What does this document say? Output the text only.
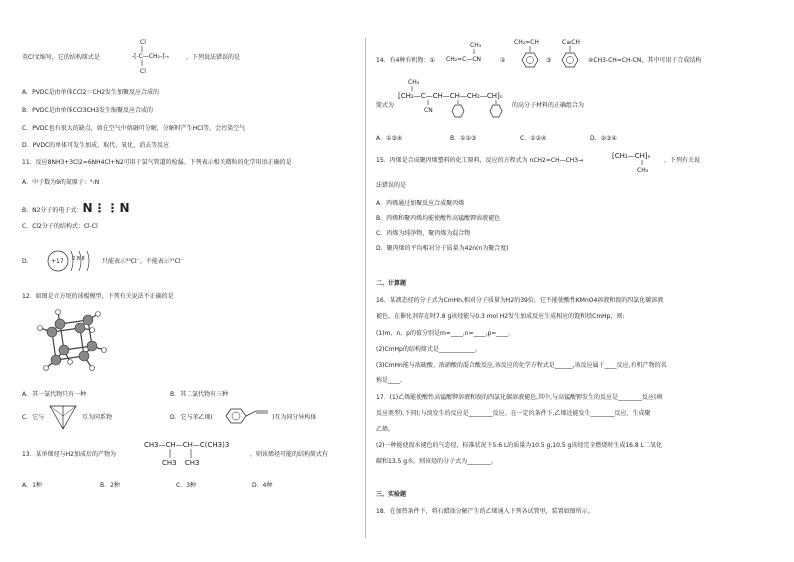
英Cl文缩写，它的结构简式是
Cl
-[-C—CH₂-]-ₙ
Cl
，下列说法错误的是
A．PVDC是由单体CCl2＝CH2发生加聚反应合成的
B．PVDC是由单体CCl3CH3发生缩聚反应合成的
C．PVDC也有很大的缺点，如在空气中熔融可分解，分解时产生HCl等，会污染空气
D．PVDC的单体可发生加成、取代、氧化、消去等反应
11．反应8NH3+3Cl2=6NH4Cl+N2可用于氯气管道的检漏。下列表示相关微粒的化学用语正确的是
A．中子数为9的氮原子：⁹₇N
B．N2分子的电子式：N⋮⋮N
C．Cl2分子的结构式：Cl-Cl
D．	+17 2 8 8	只能表示³⁵Cl⁻，不能表示³⁷Cl⁻
12．如图是立方烷的球棍模型，下列有关说法不正确的是
A．其一氯代物只有一种	B．其二氯代物有三种
C．它与	互为同系物	D．它与苯乙烯(	)互为同分异构体
13．某单烯烃与H2加成后的产物为
CH3—CH—CH—C(CH3)3
CH3 CH3
，则该烯烃可能的结构简式有
A．1种	B．2种	C．3种	D．4种
14．有4种有机物：①
CH₃
CH₂=C—CN	②
CH₂=CH
③
C≡CH
④CH3-CH=CH-CN，其中可用于合成结构
简式为
CH₃
[CH₂—C—CH—CH—CH₂—CH]ₙ
CN
的高分子材料的正确组合为
A．①③④	B．①②③	C．①②④	D．②③④
15．丙烯是合成聚丙烯塑料的化工原料，反应的方程式为 nCH2=CH—CH3→
[CH₂—CH]ₙ
CH₃
，下列有关说
法错误的是
A．丙烯通过加聚反应合成聚丙烯
B．丙烯和聚丙烯均能使酸性高锰酸钾溶液褪色
C．丙烯为纯净物，聚丙烯为混合物
D．聚丙烯的平均相对分子质量为42n(n为聚合度)
二、计算题
16．某液态烃的分子式为CmHn,相对分子质量为H2的39倍，它不能使酸性KMnO4溶液和溴的四氯化碳溶液
褪色，在催化剂存在时7.8 g该烃能与0.3 mol H2发生加成反应生成相应的饱和烃CmHp，则:
(1)m、n、p的值分别是m=____,n=____,p=____。
(2)CmHp的结构简式是____________。
(3)CmHn能与浓硫酸、浓硝酸的混合酸反应,该反应的化学方程式是______,该反应属于____反应,有机产物的名
称是____。
17．(1)乙烯能使酸性高锰酸钾溶液和溴的四氯化碳溶液褪色,其中,与高锰酸钾发生的反应是________反应(填
反应类型),下同);与溴发生的反应是________反应。在一定的条件下,乙烯还能发生________反应，生成聚
乙烯。
(2)一种能使溴水褪色的气态烃，标准状况下5.6 L的质量为10.5 g,10.5 g该烃完全燃烧时生成16.8 L二氧化
碳和13.5 g水。则该烃的分子式为________。
三、实验题
18．在加热条件下，将石蜡油分解产生的乙烯通入下列各试管里，装置如图所示。
